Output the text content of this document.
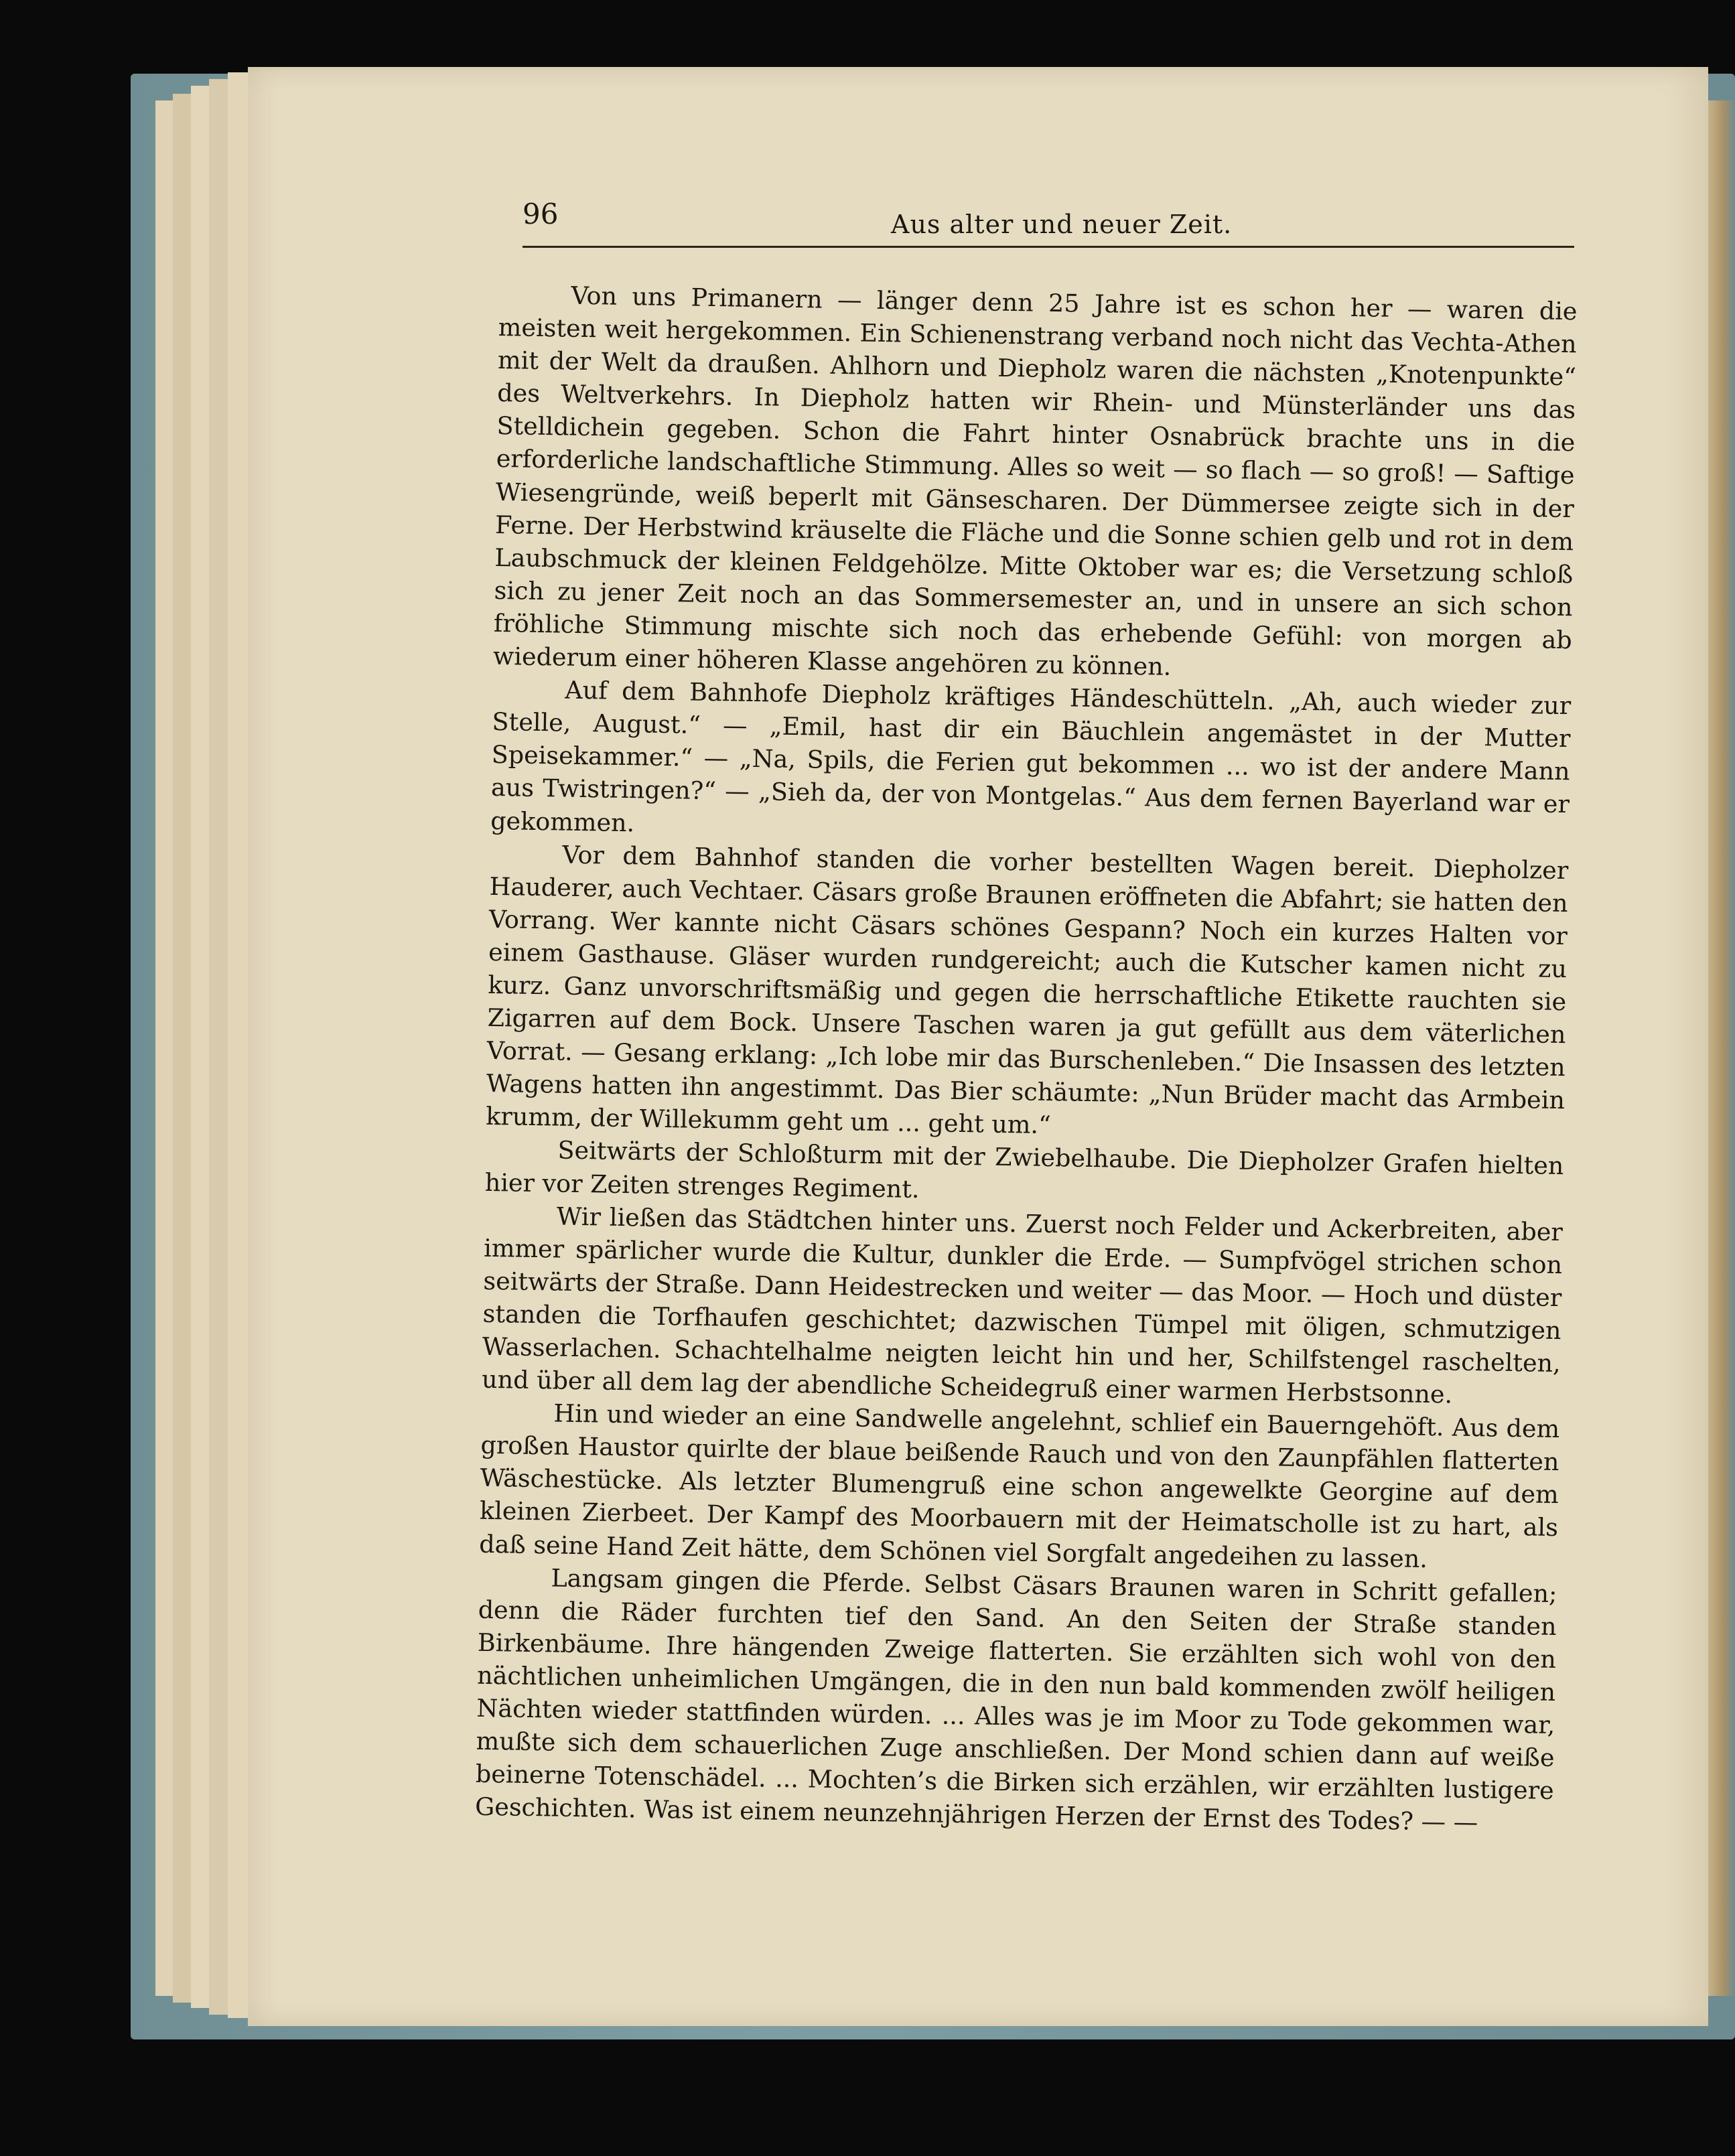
96	Aus alter und neuer Zeit.

Von uns Primanern — länger denn 25 Jahre ist es schon her — waren die meisten weit hergekommen. Ein Schienenstrang verband noch nicht das Vechta-Athen mit der Welt da draußen. Ahlhorn und Diepholz waren die nächsten „Knotenpunkte“ des Weltverkehrs. In Diepholz hatten wir Rhein- und Münsterländer uns das Stelldichein gegeben. Schon die Fahrt hinter Osnabrück brachte uns in die erforderliche landschaftliche Stimmung. Alles so weit — so flach — so groß! — Saftige Wiesengründe, weiß beperlt mit Gänsescharen. Der Dümmersee zeigte sich in der Ferne. Der Herbstwind kräuselte die Fläche und die Sonne schien gelb und rot in dem Laubschmuck der kleinen Feldgehölze. Mitte Oktober war es; die Versetzung schloß sich zu jener Zeit noch an das Sommersemester an, und in unsere an sich schon fröhliche Stimmung mischte sich noch das erhebende Gefühl: von morgen ab wiederum einer höheren Klasse angehören zu können.

Auf dem Bahnhofe Diepholz kräftiges Händeschütteln. „Ah, auch wieder zur Stelle, August.“ — „Emil, hast dir ein Bäuchlein angemästet in der Mutter Speisekammer.“ — „Na, Spils, die Ferien gut bekommen ... wo ist der andere Mann aus Twistringen?“ — „Sieh da, der von Montgelas.“ Aus dem fernen Bayerland war er gekommen.

Vor dem Bahnhof standen die vorher bestellten Wagen bereit. Diepholzer Hauderer, auch Vechtaer. Cäsars große Braunen eröffneten die Abfahrt; sie hatten den Vorrang. Wer kannte nicht Cäsars schönes Gespann? Noch ein kurzes Halten vor einem Gasthause. Gläser wurden rundgereicht; auch die Kutscher kamen nicht zu kurz. Ganz unvorschriftsmäßig und gegen die herrschaftliche Etikette rauchten sie Zigarren auf dem Bock. Unsere Taschen waren ja gut gefüllt aus dem väterlichen Vorrat. — Gesang erklang: „Ich lobe mir das Burschenleben.“ Die Insassen des letzten Wagens hatten ihn angestimmt. Das Bier schäumte: „Nun Brüder macht das Armbein krumm, der Willekumm geht um ... geht um.“

Seitwärts der Schloßturm mit der Zwiebelhaube. Die Diepholzer Grafen hielten hier vor Zeiten strenges Regiment.

Wir ließen das Städtchen hinter uns. Zuerst noch Felder und Ackerbreiten, aber immer spärlicher wurde die Kultur, dunkler die Erde. — Sumpfvögel strichen schon seitwärts der Straße. Dann Heidestrecken und weiter — das Moor. — Hoch und düster standen die Torfhaufen geschichtet; dazwischen Tümpel mit öligen, schmutzigen Wasserlachen. Schachtelhalme neigten leicht hin und her, Schilfstengel raschelten, und über all dem lag der abendliche Scheidegruß einer warmen Herbstsonne.

Hin und wieder an eine Sandwelle angelehnt, schlief ein Bauerngehöft. Aus dem großen Haustor quirlte der blaue beißende Rauch und von den Zaunpfählen flatterten Wäschestücke. Als letzter Blumengruß eine schon angewelkte Georgine auf dem kleinen Zierbeet. Der Kampf des Moorbauern mit der Heimatscholle ist zu hart, als daß seine Hand Zeit hätte, dem Schönen viel Sorgfalt angedeihen zu lassen.

Langsam gingen die Pferde. Selbst Cäsars Braunen waren in Schritt gefallen; denn die Räder furchten tief den Sand. An den Seiten der Straße standen Birkenbäume. Ihre hängenden Zweige flatterten. Sie erzählten sich wohl von den nächtlichen unheimlichen Umgängen, die in den nun bald kommenden zwölf heiligen Nächten wieder stattfinden würden. ... Alles was je im Moor zu Tode gekommen war, mußte sich dem schauerlichen Zuge anschließen. Der Mond schien dann auf weiße beinerne Totenschädel. ... Mochten’s die Birken sich erzählen, wir erzählten lustigere Geschichten. Was ist einem neunzehnjährigen Herzen der Ernst des Todes? — —
